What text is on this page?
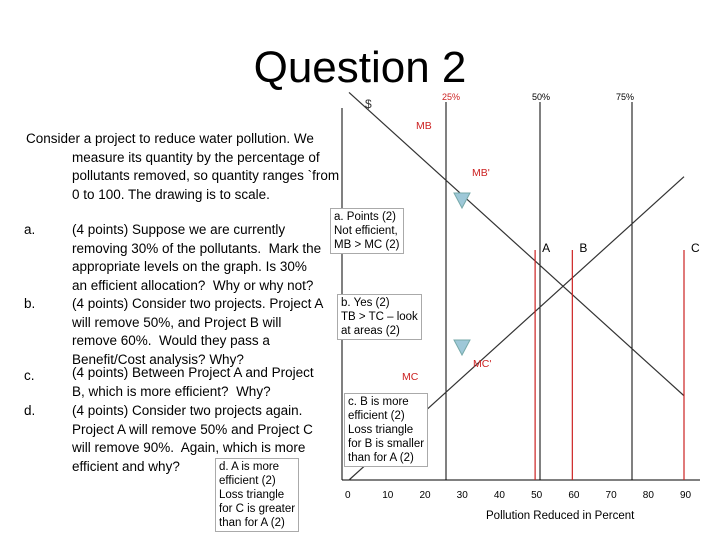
A B	C
0	10	20	30	40	50	60	70	80	90
25%	50%	75%
MB
MB'
MC
MC'
$
Pollution Reduced in Percent
Question 2
Consider a project to reduce water pollution. We
measure its quantity by the percentage of pollutants removed, so quantity ranges `from 0 to 100. The drawing is to scale.
a.	(4 points) Suppose we are currently
removing 30% of the pollutants.  Mark the
appropriate levels on the graph. Is 30%
an efficient allocation?  Why or why not?
b.	(4 points) Consider two projects. Project A
will remove 50%, and Project B will
remove 60%.  Would they pass a
Benefit/Cost analysis? Why?
c.	(4 points) Between Project A and Project
B, which is more efficient?  Why?
d.	(4 points) Consider two projects again.
Project A will remove 50% and Project C
will remove 90%.  Again, which is more
efficient and why?
a. Points (2)
Not efficient,
MB > MC (2)
b. Yes (2)
TB > TC – look
at areas (2)
c. B is more
efficient (2)
Loss triangle
for B is smaller
than for A (2)
d. A is more
efficient (2)
Loss triangle
for C is greater
than for A (2)
